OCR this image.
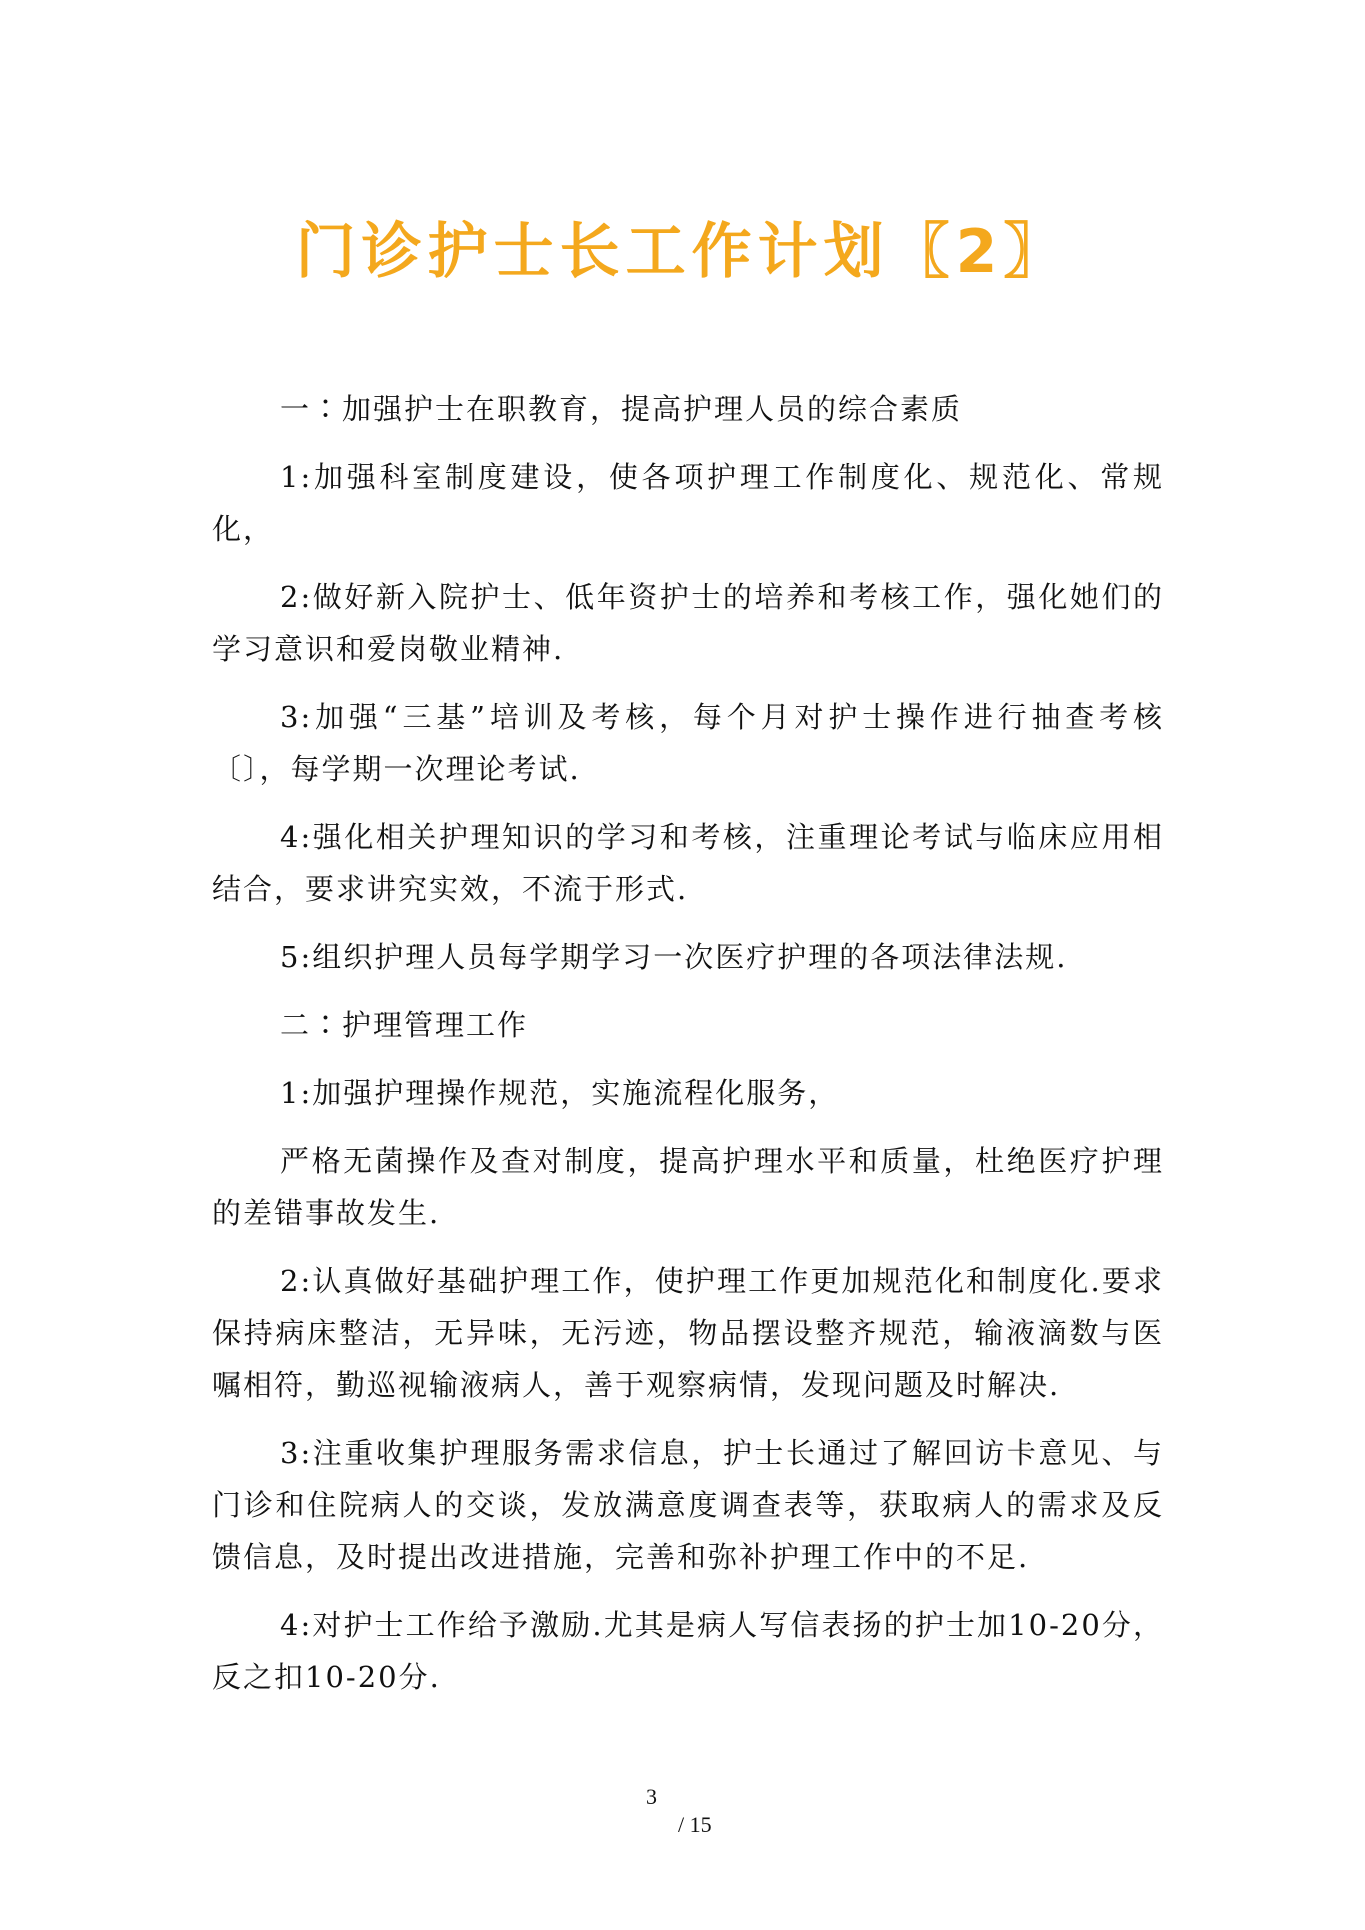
门诊护士长工作计划〖2〗

一∶加强护士在职教育，提高护理人员的综合素质

1:加强科室制度建设，使各项护理工作制度化、规范化、常规化，

2:做好新入院护士、低年资护士的培养和考核工作，强化她们的学习意识和爱岗敬业精神.

3:加强“三基”培训及考核，每个月对护士操作进行抽查考核〔〕，每学期一次理论考试.

4:强化相关护理知识的学习和考核，注重理论考试与临床应用相结合，要求讲究实效，不流于形式.

5:组织护理人员每学期学习一次医疗护理的各项法律法规.

二∶护理管理工作

1:加强护理操作规范，实施流程化服务，

严格无菌操作及查对制度，提高护理水平和质量，杜绝医疗护理的差错事故发生.

2:认真做好基础护理工作，使护理工作更加规范化和制度化.要求保持病床整洁，无异味，无污迹，物品摆设整齐规范，输液滴数与医嘱相符，勤巡视输液病人，善于观察病情，发现问题及时解决.

3:注重收集护理服务需求信息，护士长通过了解回访卡意见、与门诊和住院病人的交谈，发放满意度调查表等，获取病人的需求及反馈信息，及时提出改进措施，完善和弥补护理工作中的不足.

4:对护士工作给予激励.尤其是病人写信表扬的护士加10-20分，反之扣10-20分.

3
/ 15
